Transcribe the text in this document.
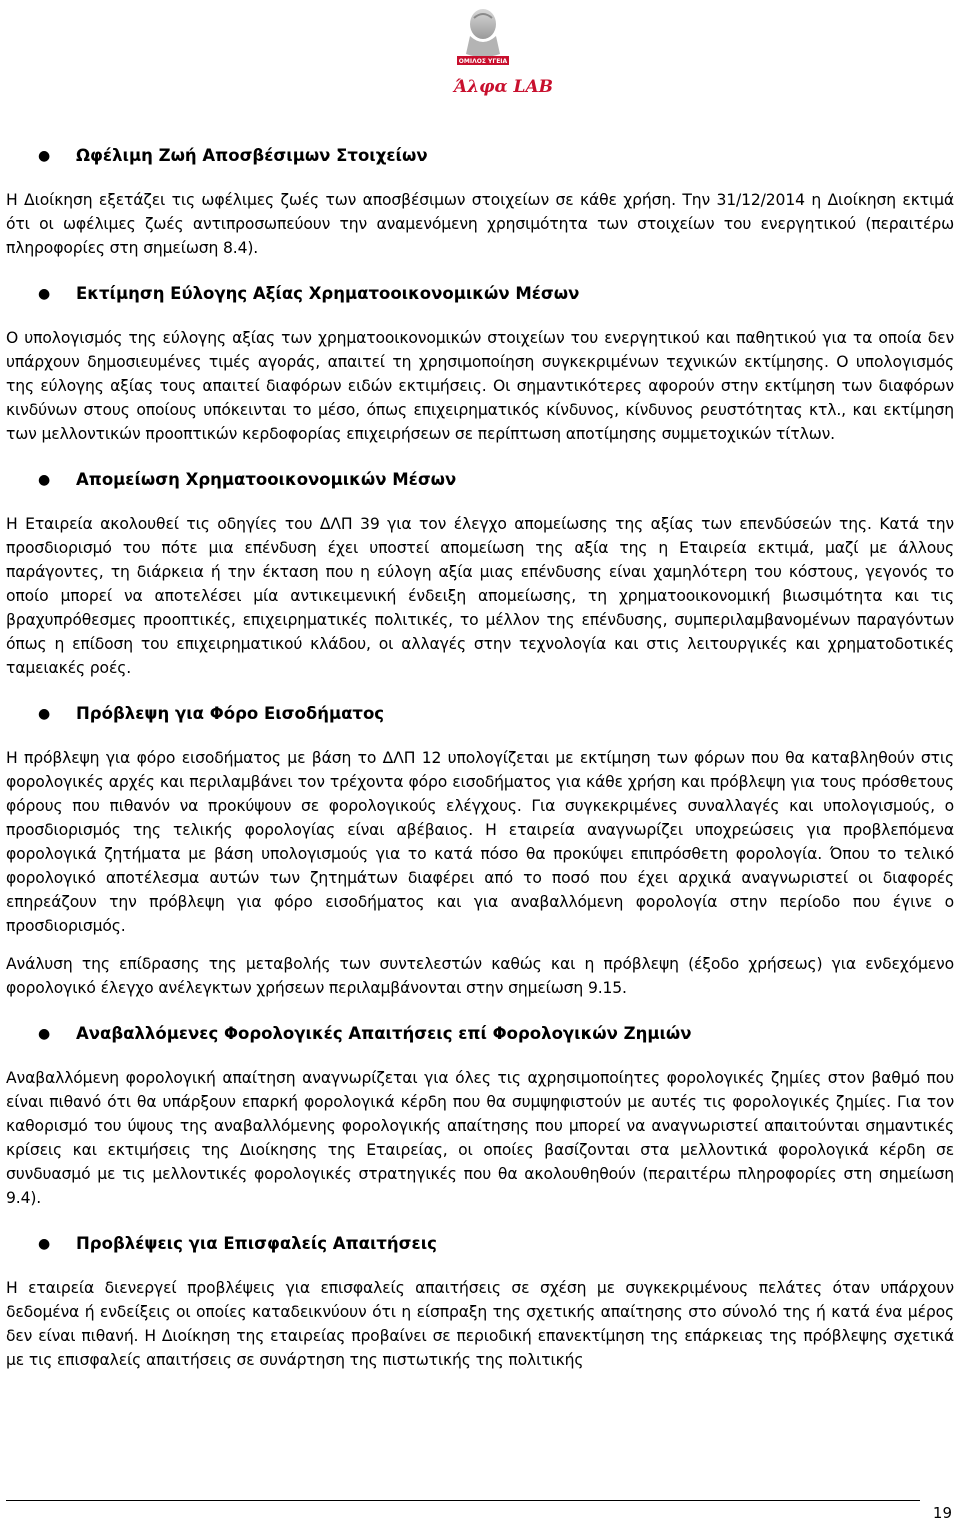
ΟΜΙΛΟΣ ΥΓΕΙΑ
Άλφα LAB
● Ωφέλιμη Ζωή Αποσβέσιμων Στοιχείων

Η Διοίκηση εξετάζει τις ωφέλιμες ζωές των αποσβέσιμων στοιχείων σε κάθε χρήση. Την 31/12/2014 η Διοίκηση εκτιμά ότι οι ωφέλιμες ζωές αντιπροσωπεύουν την αναμενόμενη χρησιμότητα των στοιχείων του ενεργητικού (περαιτέρω πληροφορίες στη σημείωση 8.4).

● Εκτίμηση Εύλογης Αξίας Χρηματοοικονομικών Μέσων

Ο υπολογισμός της εύλογης αξίας των χρηματοοικονομικών στοιχείων του ενεργητικού και παθητικού για τα οποία δεν υπάρχουν δημοσιευμένες τιμές αγοράς, απαιτεί τη χρησιμοποίηση συγκεκριμένων τεχνικών εκτίμησης. Ο υπολογισμός της εύλογης αξίας τους απαιτεί διαφόρων ειδών εκτιμήσεις. Οι σημαντικότερες αφορούν στην εκτίμηση των διαφόρων κινδύνων στους οποίους υπόκεινται το μέσο, όπως επιχειρηματικός κίνδυνος, κίνδυνος ρευστότητας κτλ., και εκτίμηση των μελλοντικών προοπτικών κερδοφορίας επιχειρήσεων σε περίπτωση αποτίμησης συμμετοχικών τίτλων.

● Απομείωση Χρηματοοικονομικών Μέσων

Η Εταιρεία ακολουθεί τις οδηγίες του ΔΛΠ 39 για τον έλεγχο απομείωσης της αξίας των επενδύσεών της. Κατά την προσδιορισμό του πότε μια επένδυση έχει υποστεί απομείωση της αξία της η Εταιρεία εκτιμά, μαζί με άλλους παράγοντες, τη διάρκεια ή την έκταση που η εύλογη αξία μιας επένδυσης είναι χαμηλότερη του κόστους, γεγονός το οποίο μπορεί να αποτελέσει μία αντικειμενική ένδειξη απομείωσης, τη χρηματοοικονομική βιωσιμότητα και τις βραχυπρόθεσμες προοπτικές, επιχειρηματικές πολιτικές, το μέλλον της επένδυσης, συμπεριλαμβανομένων παραγόντων όπως η επίδοση του επιχειρηματικού κλάδου, οι αλλαγές στην τεχνολογία και στις λειτουργικές και χρηματοδοτικές ταμειακές ροές.

● Πρόβλεψη για Φόρο Εισοδήματος

Η πρόβλεψη για φόρο εισοδήματος με βάση το ΔΛΠ 12 υπολογίζεται με εκτίμηση των φόρων που θα καταβληθούν στις φορολογικές αρχές και περιλαμβάνει τον τρέχοντα φόρο εισοδήματος για κάθε χρήση και πρόβλεψη για τους πρόσθετους φόρους που πιθανόν να προκύψουν σε φορολογικούς ελέγχους. Για συγκεκριμένες συναλλαγές και υπολογισμούς, ο προσδιορισμός της τελικής φορολογίας είναι αβέβαιος. Η εταιρεία αναγνωρίζει υποχρεώσεις για προβλεπόμενα φορολογικά ζητήματα με βάση υπολογισμούς για το κατά πόσο θα προκύψει επιπρόσθετη φορολογία. Όπου το τελικό φορολογικό αποτέλεσμα αυτών των ζητημάτων διαφέρει από το ποσό που έχει αρχικά αναγνωριστεί οι διαφορές επηρεάζουν την πρόβλεψη για φόρο εισοδήματος και για αναβαλλόμενη φορολογία στην περίοδο που έγινε ο προσδιορισμός.

Ανάλυση της επίδρασης της μεταβολής των συντελεστών καθώς και η πρόβλεψη (έξοδο χρήσεως) για ενδεχόμενο φορολογικό έλεγχο ανέλεγκτων χρήσεων περιλαμβάνονται στην σημείωση 9.15.

● Αναβαλλόμενες Φορολογικές Απαιτήσεις επί Φορολογικών Ζημιών

Αναβαλλόμενη φορολογική απαίτηση αναγνωρίζεται για όλες τις αχρησιμοποίητες φορολογικές ζημίες στον βαθμό που είναι πιθανό ότι θα υπάρξουν επαρκή φορολογικά κέρδη που θα συμψηφιστούν με αυτές τις φορολογικές ζημίες. Για τον καθορισμό του ύψους της αναβαλλόμενης φορολογικής απαίτησης που μπορεί να αναγνωριστεί απαιτούνται σημαντικές κρίσεις και εκτιμήσεις της Διοίκησης της Εταιρείας, οι οποίες βασίζονται στα μελλοντικά φορολογικά κέρδη σε συνδυασμό με τις μελλοντικές φορολογικές στρατηγικές που θα ακολουθηθούν (περαιτέρω πληροφορίες στη σημείωση 9.4).

● Προβλέψεις για Επισφαλείς Απαιτήσεις

Η εταιρεία διενεργεί προβλέψεις για επισφαλείς απαιτήσεις σε σχέση με συγκεκριμένους πελάτες όταν υπάρχουν δεδομένα ή ενδείξεις οι οποίες καταδεικνύουν ότι η είσπραξη της σχετικής απαίτησης στο σύνολό της ή κατά ένα μέρος δεν είναι πιθανή. Η Διοίκηση της εταιρείας προβαίνει σε περιοδική επανεκτίμηση της επάρκειας της πρόβλεψης σχετικά με τις επισφαλείς απαιτήσεις σε συνάρτηση της πιστωτικής της πολιτικής

19
